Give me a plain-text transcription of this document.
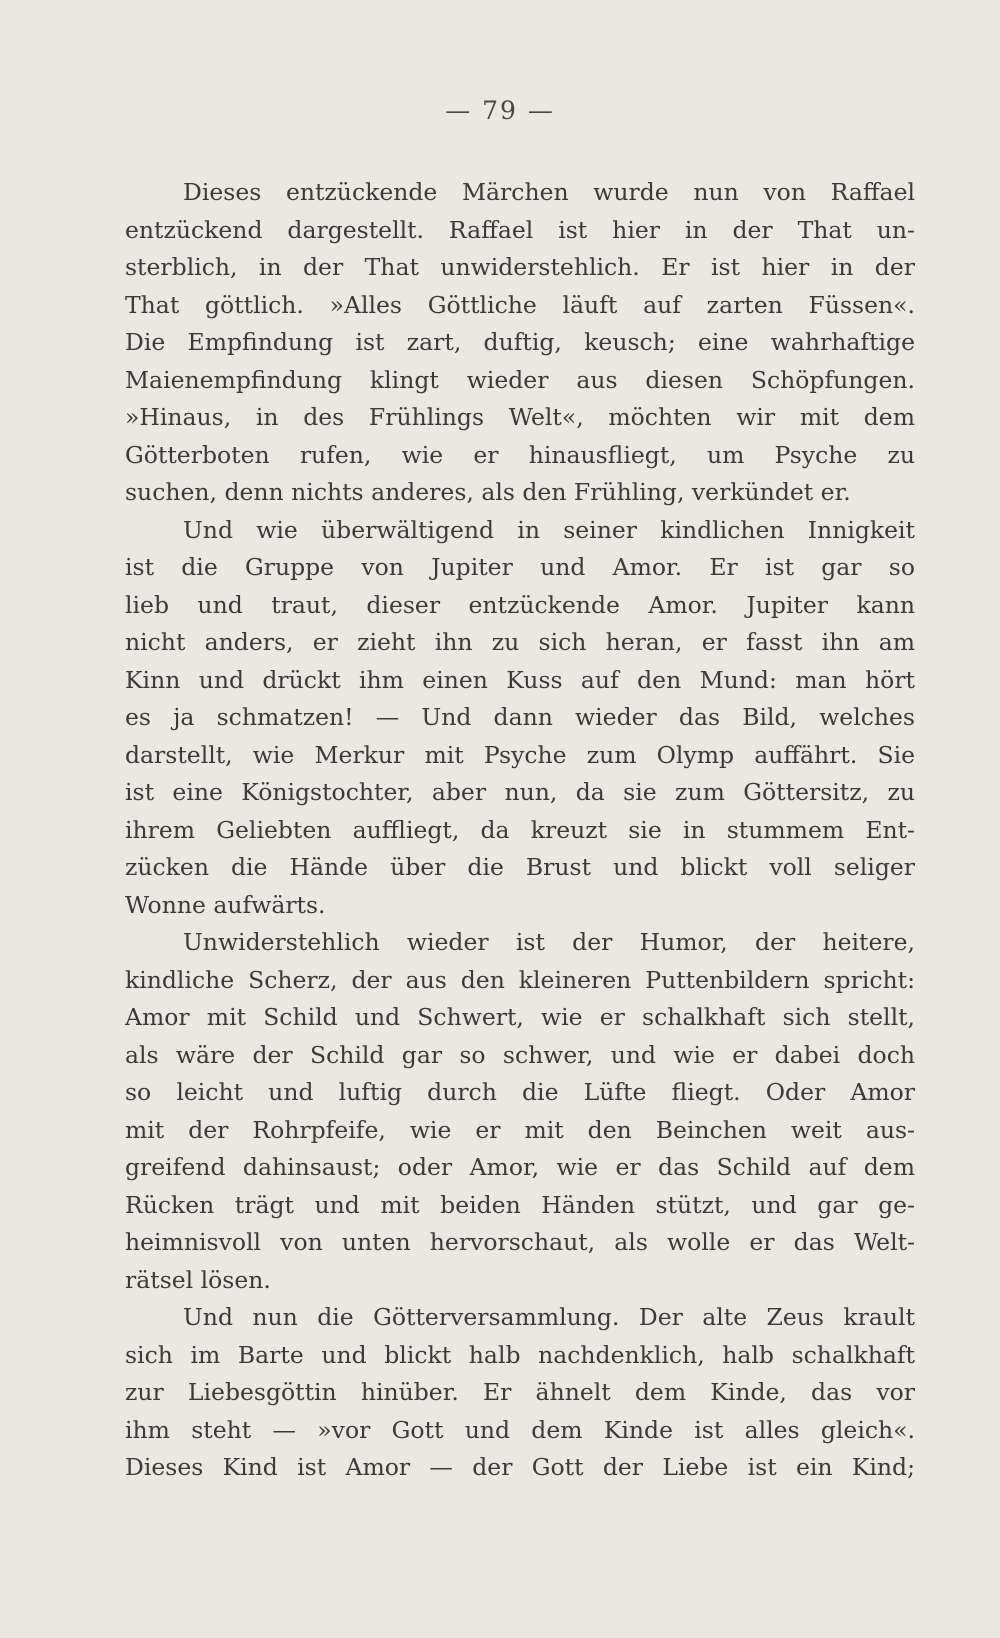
— 79 —
Dieses entzückende Märchen wurde nun von Raffael
entzückend dargestellt. Raffael ist hier in der That un-
sterblich, in der That unwiderstehlich. Er ist hier in der
That göttlich. »Alles Göttliche läuft auf zarten Füssen«.
Die Empfindung ist zart, duftig, keusch; eine wahrhaftige
Maienempfindung klingt wieder aus diesen Schöpfungen.
»Hinaus, in des Frühlings Welt«, möchten wir mit dem
Götterboten rufen, wie er hinausfliegt, um Psyche zu
suchen, denn nichts anderes, als den Frühling, verkündet er.
Und wie überwältigend in seiner kindlichen Innigkeit
ist die Gruppe von Jupiter und Amor. Er ist gar so
lieb und traut, dieser entzückende Amor. Jupiter kann
nicht anders, er zieht ihn zu sich heran, er fasst ihn am
Kinn und drückt ihm einen Kuss auf den Mund: man hört
es ja schmatzen! — Und dann wieder das Bild, welches
darstellt, wie Merkur mit Psyche zum Olymp auffährt. Sie
ist eine Königstochter, aber nun, da sie zum Göttersitz, zu
ihrem Geliebten auffliegt, da kreuzt sie in stummem Ent-
zücken die Hände über die Brust und blickt voll seliger
Wonne aufwärts.
Unwiderstehlich wieder ist der Humor, der heitere,
kindliche Scherz, der aus den kleineren Puttenbildern spricht:
Amor mit Schild und Schwert, wie er schalkhaft sich stellt,
als wäre der Schild gar so schwer, und wie er dabei doch
so leicht und luftig durch die Lüfte fliegt. Oder Amor
mit der Rohrpfeife, wie er mit den Beinchen weit aus-
greifend dahinsaust; oder Amor, wie er das Schild auf dem
Rücken trägt und mit beiden Händen stützt, und gar ge-
heimnisvoll von unten hervorschaut, als wolle er das Welt-
rätsel lösen.
Und nun die Götterversammlung. Der alte Zeus krault
sich im Barte und blickt halb nachdenklich, halb schalkhaft
zur Liebesgöttin hinüber. Er ähnelt dem Kinde, das vor
ihm steht — »vor Gott und dem Kinde ist alles gleich«.
Dieses Kind ist Amor — der Gott der Liebe ist ein Kind;
